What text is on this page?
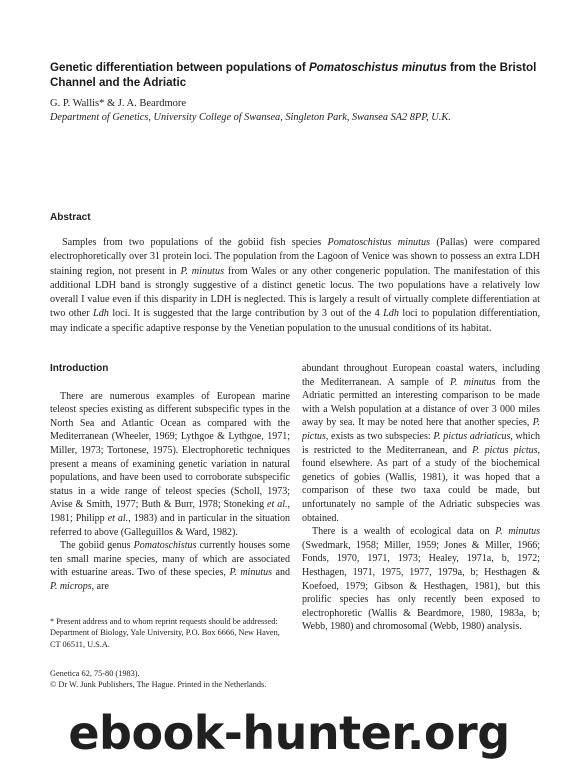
Genetic differentiation between populations of Pomatoschistus minutus from the Bristol Channel and the Adriatic
G. P. Wallis* & J. A. Beardmore
Department of Genetics, University College of Swansea, Singleton Park, Swansea SA2 8PP, U.K.
Abstract

Samples from two populations of the gobiid fish species Pomatoschistus minutus (Pallas) were compared electrophoretically over 31 protein loci. The population from the Lagoon of Venice was shown to possess an extra LDH staining region, not present in P. minutus from Wales or any other congeneric population. The manifestation of this additional LDH band is strongly suggestive of a distinct genetic locus. The two populations have a relatively low overall I value even if this disparity in LDH is neglected. This is largely a result of virtually complete differentiation at two other Ldh loci. It is suggested that the large contribution by 3 out of the 4 Ldh loci to population differentiation, may indicate a specific adaptive response by the Venetian population to the unusual conditions of its habitat.

Introduction

There are numerous examples of European marine teleost species existing as different subspecific types in the North Sea and Atlantic Ocean as compared with the Mediterranean (Wheeler, 1969; Lythgoe & Lythgoe, 1971; Miller, 1973; Tortonese, 1975). Electrophoretic techniques present a means of examining genetic variation in natural populations, and have been used to corroborate subspecific status in a wide range of teleost species (Scholl, 1973; Avise & Smith, 1977; Buth & Burr, 1978; Stoneking et al., 1981; Philipp et al., 1983) and in particular in the situation referred to above (Galleguillos & Ward, 1982).

The gobiid genus Pomatoschistus currently houses some ten small marine species, many of which are associated with estuarine areas. Two of these species, P. minutus and P. microps, are

abundant throughout European coastal waters, including the Mediterranean. A sample of P. minutus from the Adriatic permitted an interesting comparison to be made with a Welsh population at a distance of over 3 000 miles away by sea. It may be noted here that another species, P. pictus, exists as two subspecies: P. pictus adriaticus, which is restricted to the Mediterranean, and P. pictus pictus, found elsewhere. As part of a study of the biochemical genetics of gobies (Wallis, 1981), it was hoped that a comparison of these two taxa could be made, but unfortunately no sample of the Adriatic subspecies was obtained.

There is a wealth of ecological data on P. minutus (Swedmark, 1958; Miller, 1959; Jones & Miller, 1966; Fonds, 1970, 1971, 1973; Healey, 1971a, b, 1972; Hesthagen, 1971, 1975, 1977, 1979a, b; Hesthagen & Koefoed, 1979; Gibson & Hesthagen, 1981), but this prolific species has only recently been exposed to electrophoretic (Wallis & Beardmore, 1980, 1983a, b; Webb, 1980) and chromosomal (Webb, 1980) analysis.

* Present address and to whom reprint requests should be addressed: Department of Biology, Yale University, P.O. Box 6666, New Haven, CT 06511, U.S.A.

Genetica 62, 75-80 (1983).

© Dr W. Junk Publishers, The Hague. Printed in the Netherlands.

ebook-hunter.org
